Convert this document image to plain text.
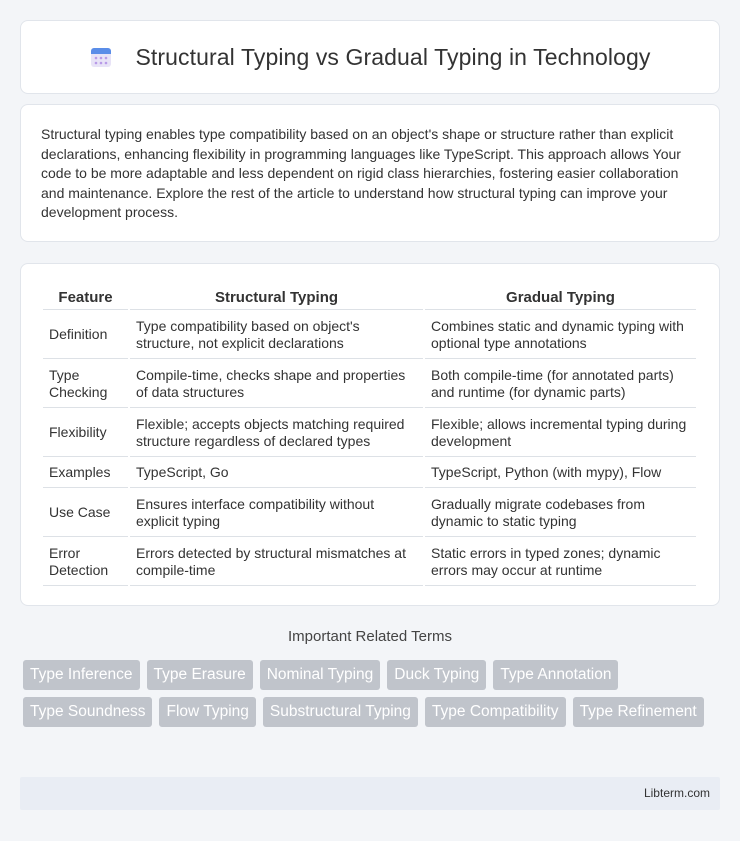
Structural Typing vs Gradual Typing in Technology

Structural typing enables type compatibility based on an object's shape or structure rather than explicit declarations, enhancing flexibility in programming languages like TypeScript. This approach allows Your code to be more adaptable and less dependent on rigid class hierarchies, fostering easier collaboration and maintenance. Explore the rest of the article to understand how structural typing can improve your development process.

Feature	Structural Typing	Gradual Typing
Definition	Type compatibility based on object's structure, not explicit declarations	Combines static and dynamic typing with optional type annotations
Type Checking	Compile-time, checks shape and properties of data structures	Both compile-time (for annotated parts) and runtime (for dynamic parts)
Flexibility	Flexible; accepts objects matching required structure regardless of declared types	Flexible; allows incremental typing during development
Examples	TypeScript, Go	TypeScript, Python (with mypy), Flow
Use Case	Ensures interface compatibility without explicit typing	Gradually migrate codebases from dynamic to static typing
Error Detection	Errors detected by structural mismatches at compile-time	Static errors in typed zones; dynamic errors may occur at runtime
Important Related Terms
Type Inference	Type Erasure	Nominal Typing	Duck Typing	Type Annotation
Type Soundness	Flow Typing	Substructural Typing	Type Compatibility	Type Refinement
Libterm.com
